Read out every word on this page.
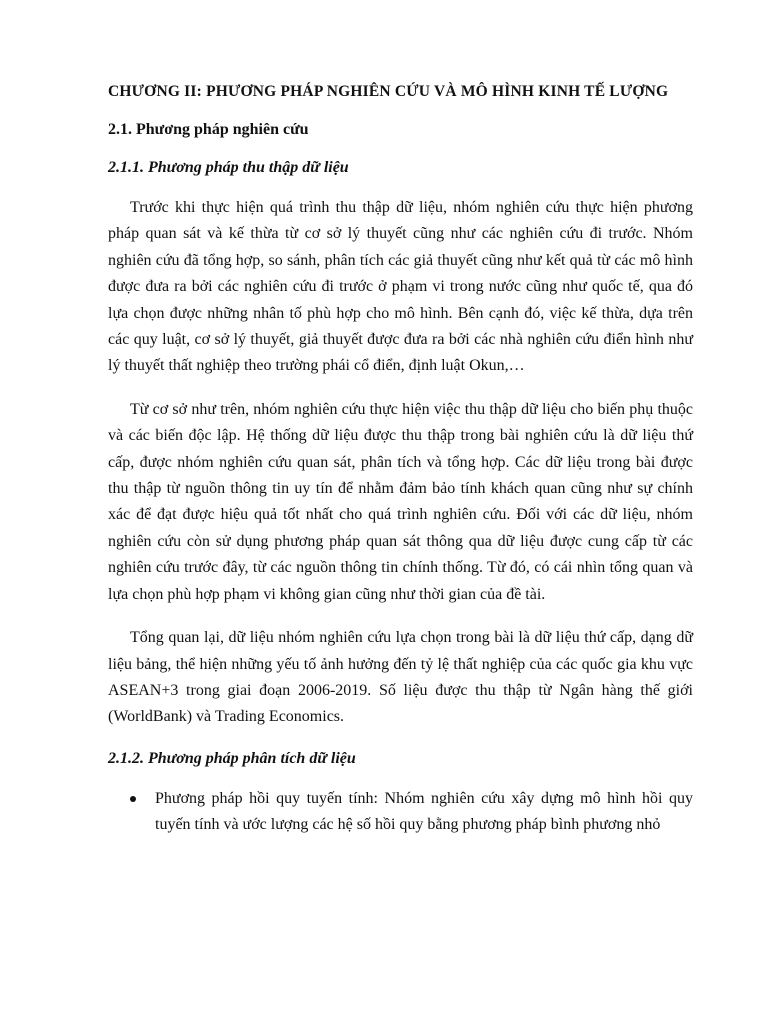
CHƯƠNG II: PHƯƠNG PHÁP NGHIÊN CỨU VÀ MÔ HÌNH KINH TẾ LƯỢNG
2.1. Phương pháp nghiên cứu
2.1.1. Phương pháp thu thập dữ liệu

Trước khi thực hiện quá trình thu thập dữ liệu, nhóm nghiên cứu thực hiện phương pháp quan sát và kế thừa từ cơ sở lý thuyết cũng như các nghiên cứu đi trước. Nhóm nghiên cứu đã tổng hợp, so sánh, phân tích các giả thuyết cũng như kết quả từ các mô hình được đưa ra bởi các nghiên cứu đi trước ở phạm vi trong nước cũng như quốc tế, qua đó lựa chọn được những nhân tố phù hợp cho mô hình. Bên cạnh đó, việc kế thừa, dựa trên các quy luật, cơ sở lý thuyết, giả thuyết được đưa ra bởi các nhà nghiên cứu điển hình như lý thuyết thất nghiệp theo trường phái cổ điển, định luật Okun,…

Từ cơ sở như trên, nhóm nghiên cứu thực hiện việc thu thập dữ liệu cho biến phụ thuộc và các biến độc lập. Hệ thống dữ liệu được thu thập trong bài nghiên cứu là dữ liệu thứ cấp, được nhóm nghiên cứu quan sát, phân tích và tổng hợp. Các dữ liệu trong bài được thu thập từ nguồn thông tin uy tín để nhằm đảm bảo tính khách quan cũng như sự chính xác để đạt được hiệu quả tốt nhất cho quá trình nghiên cứu. Đối với các dữ liệu, nhóm nghiên cứu còn sử dụng phương pháp quan sát thông qua dữ liệu được cung cấp từ các nghiên cứu trước đây, từ các nguồn thông tin chính thống. Từ đó, có cái nhìn tổng quan và lựa chọn phù hợp phạm vi không gian cũng như thời gian của đề tài.

Tổng quan lại, dữ liệu nhóm nghiên cứu lựa chọn trong bài là dữ liệu thứ cấp, dạng dữ liệu bảng, thể hiện những yếu tố ảnh hưởng đến tỷ lệ thất nghiệp của các quốc gia khu vực ASEAN+3 trong giai đoạn 2006-2019. Số liệu được thu thập từ Ngân hàng thế giới (WorldBank) và Trading Economics.

2.1.2. Phương pháp phân tích dữ liệu
Phương pháp hồi quy tuyến tính: Nhóm nghiên cứu xây dựng mô hình hồi quy tuyến tính và ước lượng các hệ số hồi quy bằng phương pháp bình phương nhỏ
